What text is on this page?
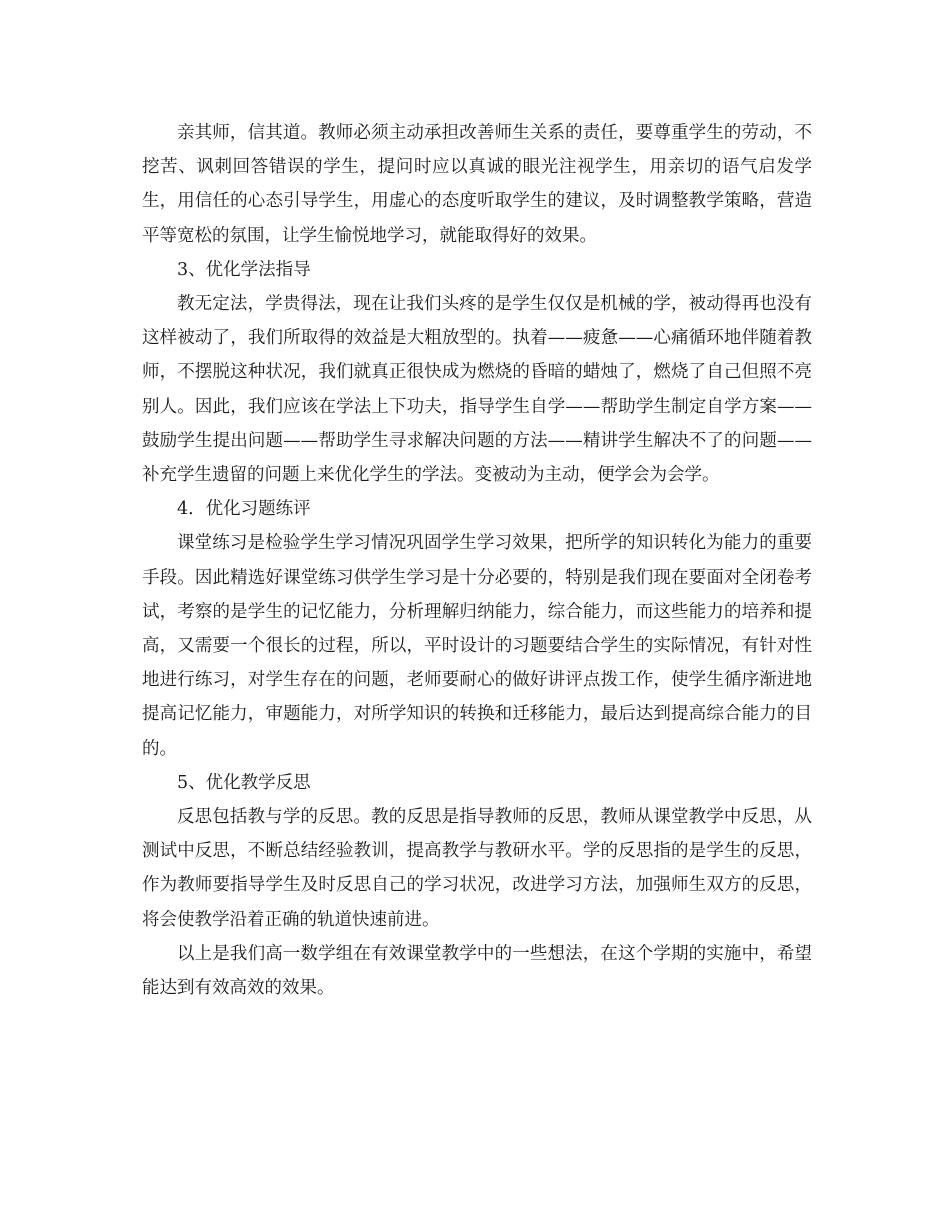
亲其师，信其道。教师必须主动承担改善师生关系的责任，要尊重学生的劳动，不挖苦、讽刺回答错误的学生，提问时应以真诚的眼光注视学生，用亲切的语气启发学生，用信任的心态引导学生，用虚心的态度听取学生的建议，及时调整教学策略，营造平等宽松的氛围，让学生愉悦地学习，就能取得好的效果。

3、优化学法指导

教无定法，学贵得法，现在让我们头疼的是学生仅仅是机械的学，被动得再也没有这样被动了，我们所取得的效益是大粗放型的。执着——疲惫——心痛循环地伴随着教师，不摆脱这种状况，我们就真正很快成为燃烧的昏暗的蜡烛了，燃烧了自己但照不亮别人。因此，我们应该在学法上下功夫，指导学生自学——帮助学生制定自学方案——鼓励学生提出问题——帮助学生寻求解决问题的方法——精讲学生解决不了的问题——补充学生遗留的问题上来优化学生的学法。变被动为主动，便学会为会学。

4．优化习题练评

课堂练习是检验学生学习情况巩固学生学习效果，把所学的知识转化为能力的重要手段。因此精选好课堂练习供学生学习是十分必要的，特别是我们现在要面对全闭卷考试，考察的是学生的记忆能力，分析理解归纳能力，综合能力，而这些能力的培养和提高，又需要一个很长的过程，所以，平时设计的习题要结合学生的实际情况，有针对性地进行练习，对学生存在的问题，老师要耐心的做好讲评点拨工作，使学生循序渐进地提高记忆能力，审题能力，对所学知识的转换和迁移能力，最后达到提高综合能力的目的。

5、优化教学反思

反思包括教与学的反思。教的反思是指导教师的反思，教师从课堂教学中反思，从测试中反思，不断总结经验教训，提高教学与教研水平。学的反思指的是学生的反思，作为教师要指导学生及时反思自己的学习状况，改进学习方法，加强师生双方的反思，将会使教学沿着正确的轨道快速前进。

以上是我们高一数学组在有效课堂教学中的一些想法，在这个学期的实施中，希望能达到有效高效的效果。
